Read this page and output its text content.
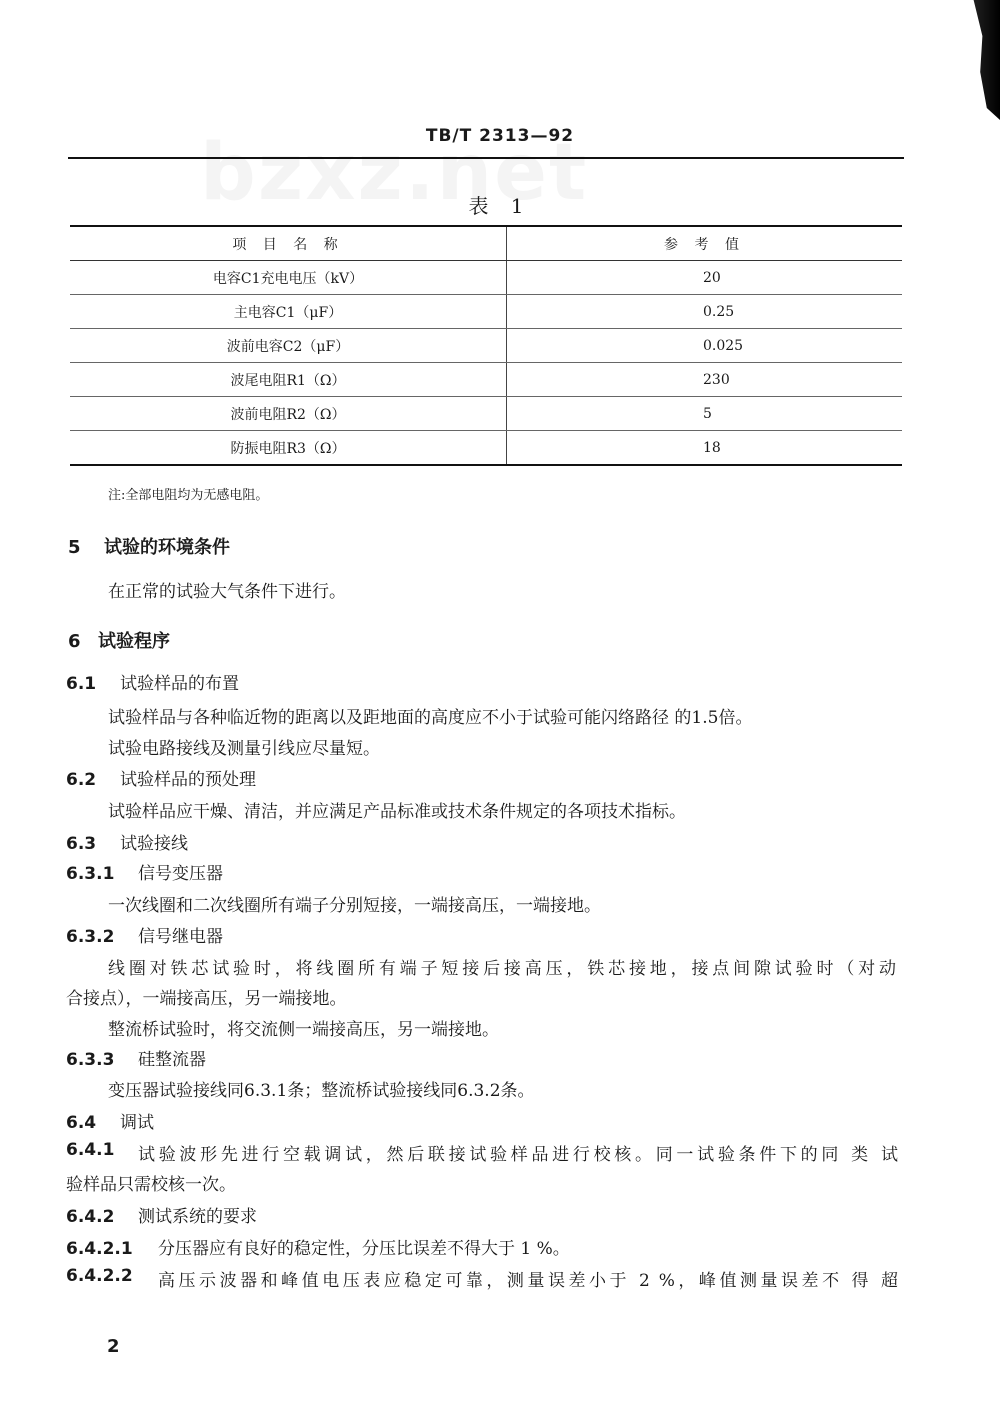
TB/T 2313—92
表 1
项 目 名 称	参 考 值
电容C1充电电压（kV）	20
主电容C1（μF）	0.25
波前电容C2（μF）	0.025
波尾电阻R1（Ω）	230
波前电阻R2（Ω）	5
防振电阻R3（Ω）	18
注:全部电阻均为无感电阻。
5 试验的环境条件
在正常的试验大气条件下进行。
6 试验程序
6.1 试验样品的布置
试验样品与各种临近物的距离以及距地面的高度应不小于试验可能闪络路径 的1.5倍。
试验电路接线及测量引线应尽量短。
6.2 试验样品的预处理
试验样品应干燥、清洁，并应满足产品标准或技术条件规定的各项技术指标。
6.3 试验接线
6.3.1 信号变压器
一次线圈和二次线圈所有端子分别短接，一端接高压，一端接地。
6.3.2 信号继电器
线圈对铁芯试验时，将线圈所有端子短接后接高压，铁芯接地，接点间隙试验时（对动
合接点），一端接高压，另一端接地。
整流桥试验时，将交流侧一端接高压，另一端接地。
6.3.3 硅整流器
变压器试验接线同6.3.1条；整流桥试验接线同6.3.2条。
6.4 调试
6.4.1	试验波形先进行空载调试，然后联接试验样品进行校核。同一试验条件下的同 类 试
验样品只需校核一次。
6.4.2 测试系统的要求
6.4.2.1 分压器应有良好的稳定性，分压比误差不得大于 1 %。
6.4.2.2	高压示波器和峰值电压表应稳定可靠，测量误差小于 2 %，峰值测量误差不 得 超
2
